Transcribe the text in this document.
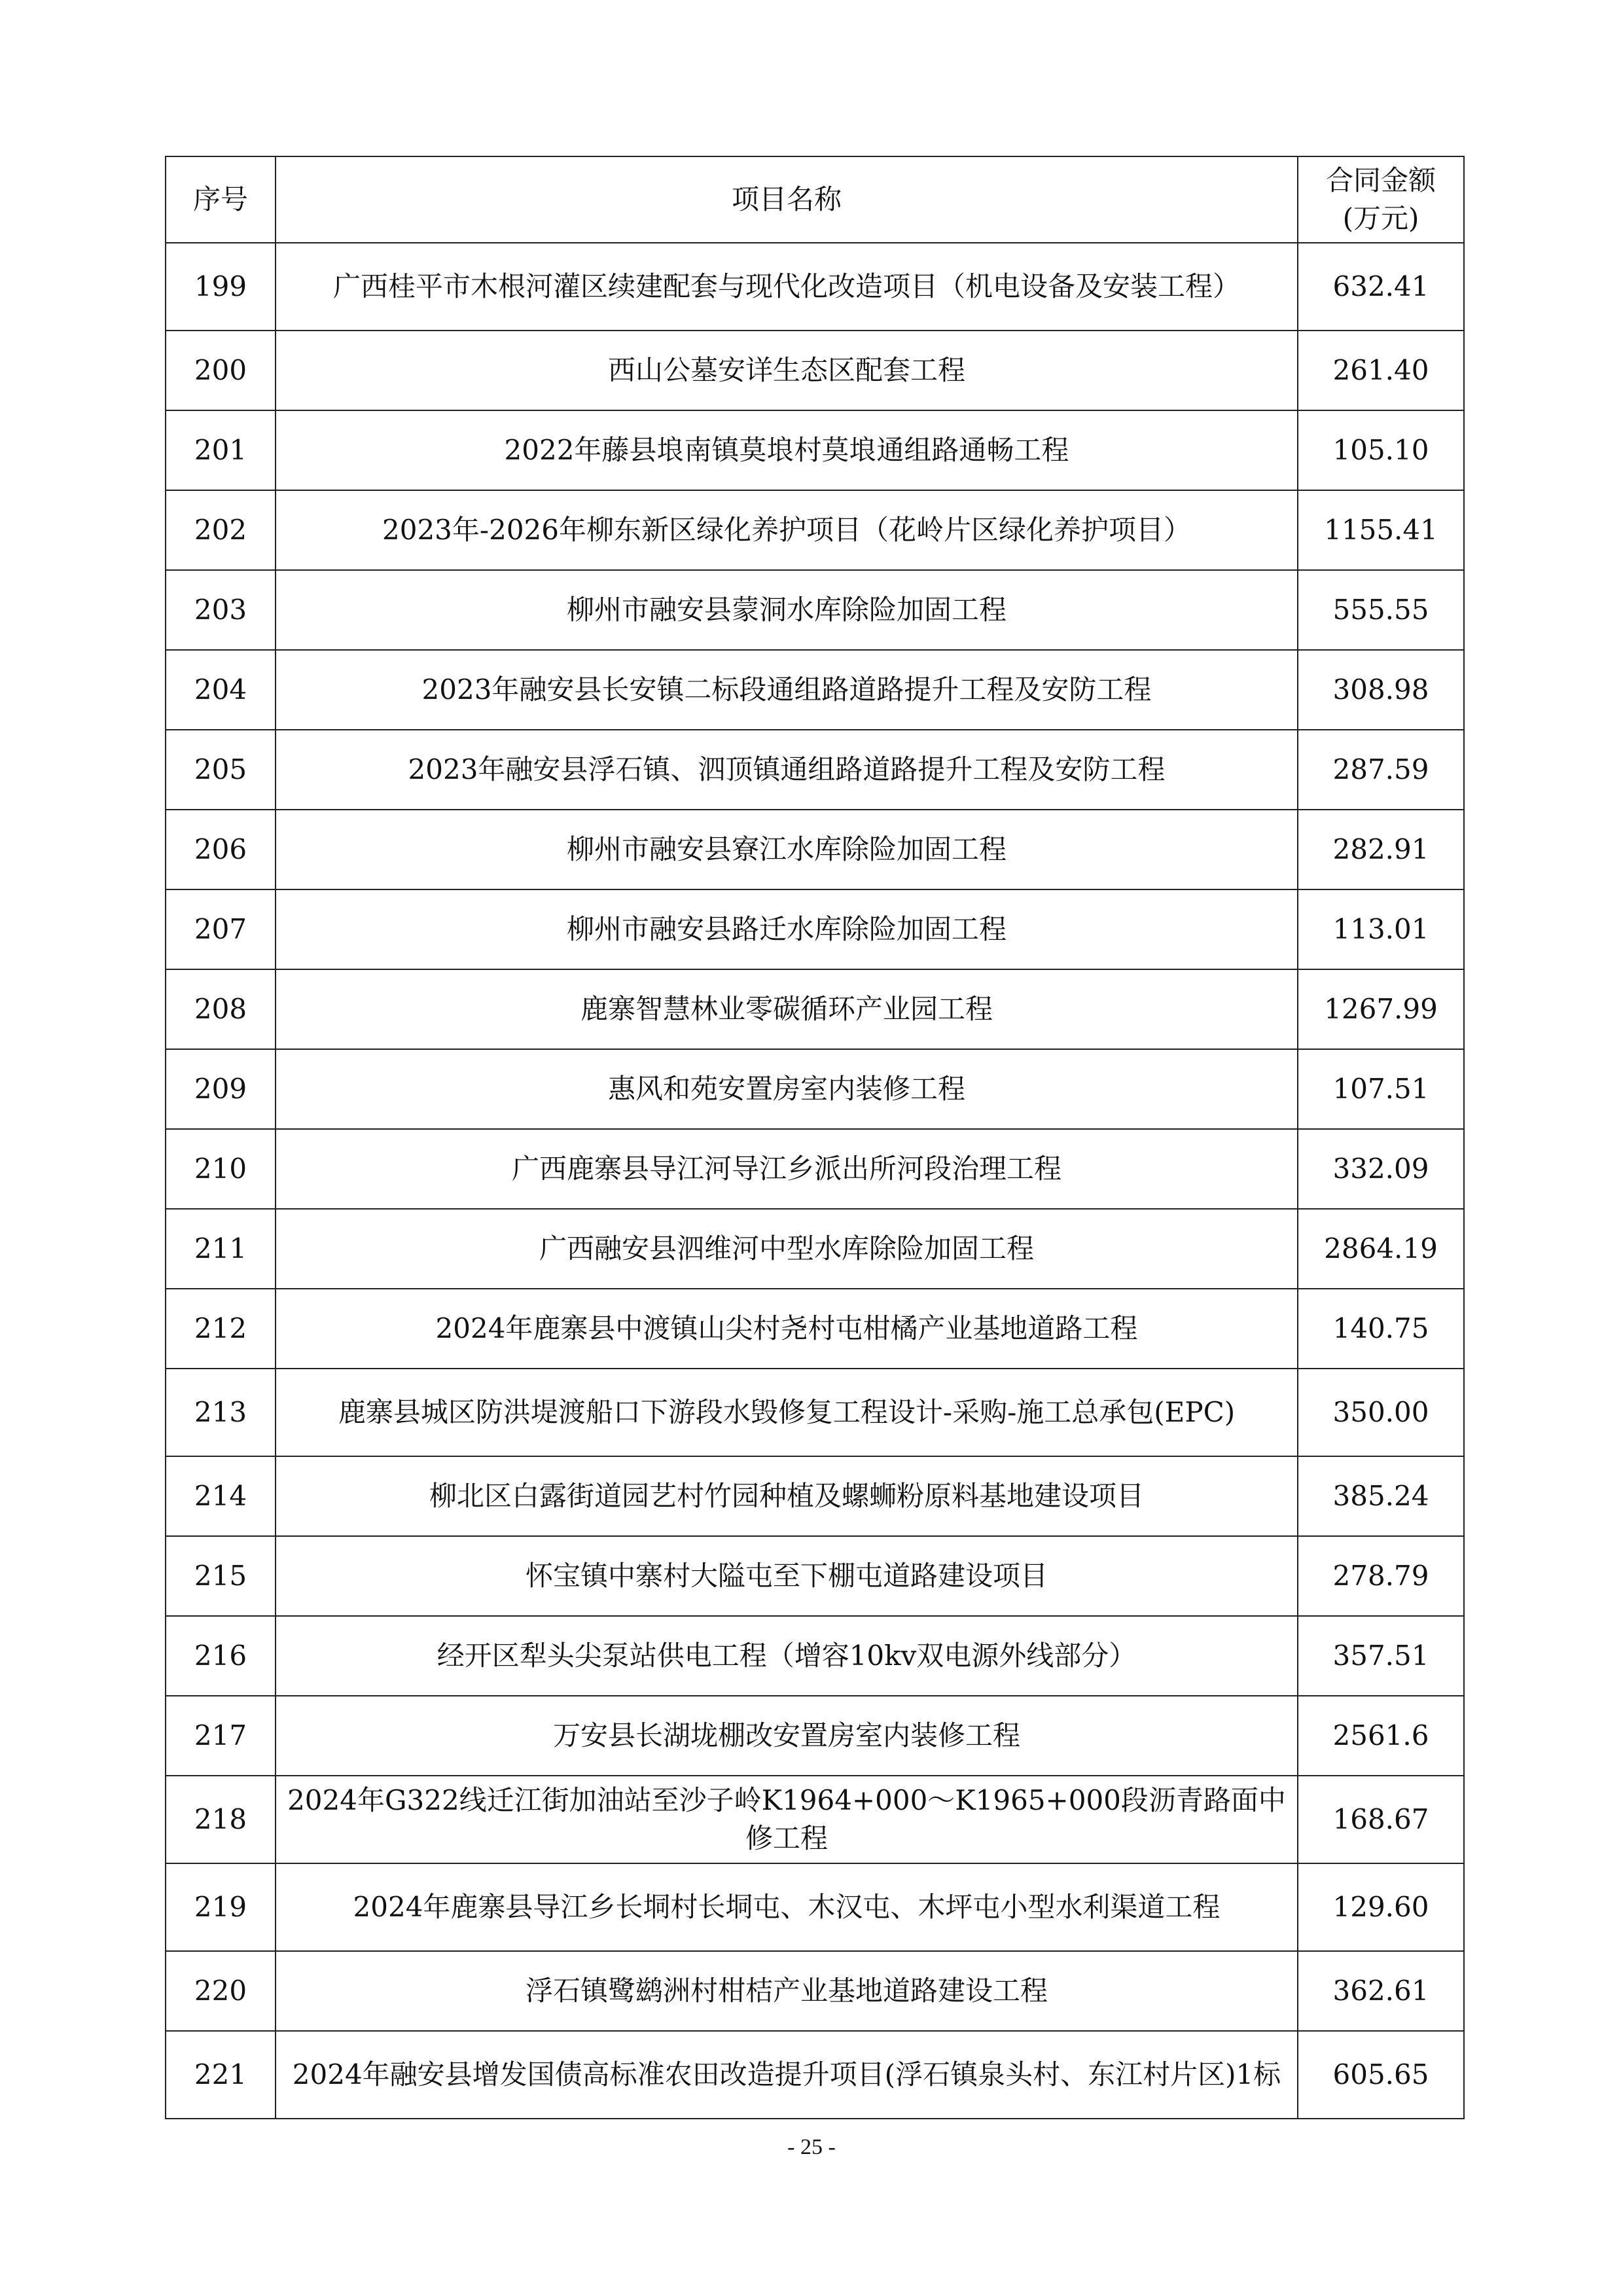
序号	项目名称	合同金额
(万元)

199	广西桂平市木根河灌区续建配套与现代化改造项目（机电设备及安装工程）	632.41
200	西山公墓安详生态区配套工程	261.40
201	2022年藤县埌南镇莫埌村莫埌通组路通畅工程	105.10
202	2023年-2026年柳东新区绿化养护项目（花岭片区绿化养护项目）	1155.41
203	柳州市融安县蒙洞水库除险加固工程	555.55
204	2023年融安县长安镇二标段通组路道路提升工程及安防工程	308.98
205	2023年融安县浮石镇、泗顶镇通组路道路提升工程及安防工程	287.59
206	柳州市融安县寮江水库除险加固工程	282.91
207	柳州市融安县路迁水库除险加固工程	113.01
208	鹿寨智慧林业零碳循环产业园工程	1267.99
209	惠风和苑安置房室内装修工程	107.51
210	广西鹿寨县导江河导江乡派出所河段治理工程	332.09
211	广西融安县泗维河中型水库除险加固工程	2864.19
212	2024年鹿寨县中渡镇山尖村尧村屯柑橘产业基地道路工程	140.75
213	鹿寨县城区防洪堤渡船口下游段水毁修复工程设计-采购-施工总承包(EPC)	350.00
214	柳北区白露街道园艺村竹园种植及螺蛳粉原料基地建设项目	385.24
215	怀宝镇中寨村大隘屯至下棚屯道路建设项目	278.79
216	经开区犁头尖泵站供电工程（增容10kv双电源外线部分）	357.51
217	万安县长湖垅棚改安置房室内装修工程	2561.6
218	2024年G322线迁江街加油站至沙子岭K1964+000～K1965+000段沥青路面中修工程	168.67
219	2024年鹿寨县导江乡长垌村长垌屯、木汉屯、木坪屯小型水利渠道工程	129.60
220	浮石镇鹭鹚洲村柑桔产业基地道路建设工程	362.61
221	2024年融安县增发国债高标准农田改造提升项目(浮石镇泉头村、东江村片区)1标	605.65
- 25 -
